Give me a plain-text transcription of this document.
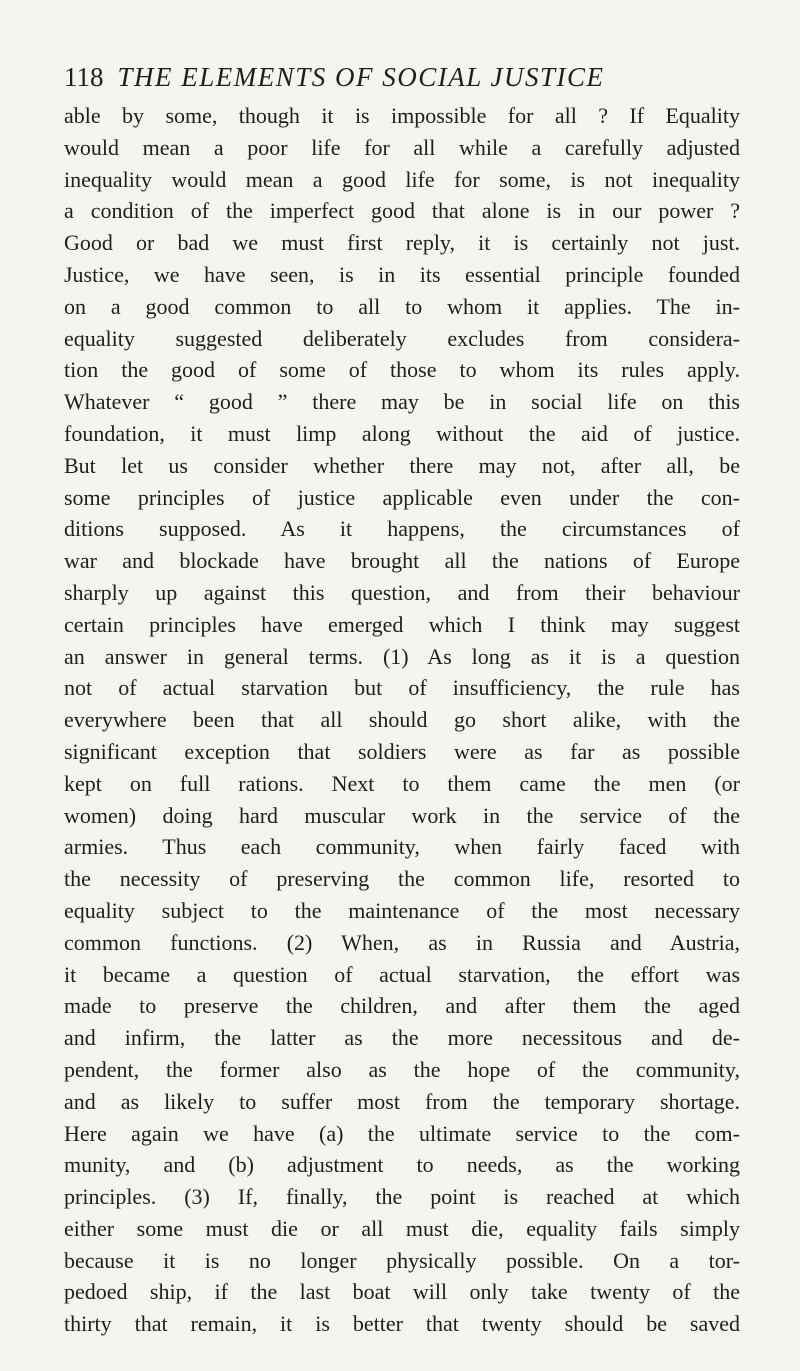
118 THE ELEMENTS OF SOCIAL JUSTICE
able by some, though it is impossible for all ? If Equality
would mean a poor life for all while a carefully adjusted
inequality would mean a good life for some, is not inequality
a condition of the imperfect good that alone is in our power ?
Good or bad we must first reply, it is certainly not just.
Justice, we have seen, is in its essential principle founded
on a good common to all to whom it applies. The in-
equality suggested deliberately excludes from considera-
tion the good of some of those to whom its rules apply.
Whatever “ good ” there may be in social life on this
foundation, it must limp along without the aid of justice.
But let us consider whether there may not, after all, be
some principles of justice applicable even under the con-
ditions supposed. As it happens, the circumstances of
war and blockade have brought all the nations of Europe
sharply up against this question, and from their behaviour
certain principles have emerged which I think may suggest
an answer in general terms. (1) As long as it is a question
not of actual starvation but of insufficiency, the rule has
everywhere been that all should go short alike, with the
significant exception that soldiers were as far as possible
kept on full rations. Next to them came the men (or
women) doing hard muscular work in the service of the
armies. Thus each community, when fairly faced with
the necessity of preserving the common life, resorted to
equality subject to the maintenance of the most necessary
common functions. (2) When, as in Russia and Austria,
it became a question of actual starvation, the effort was
made to preserve the children, and after them the aged
and infirm, the latter as the more necessitous and de-
pendent, the former also as the hope of the community,
and as likely to suffer most from the temporary shortage.
Here again we have (a) the ultimate service to the com-
munity, and (b) adjustment to needs, as the working
principles. (3) If, finally, the point is reached at which
either some must die or all must die, equality fails simply
because it is no longer physically possible. On a tor-
pedoed ship, if the last boat will only take twenty of the
thirty that remain, it is better that twenty should be saved
